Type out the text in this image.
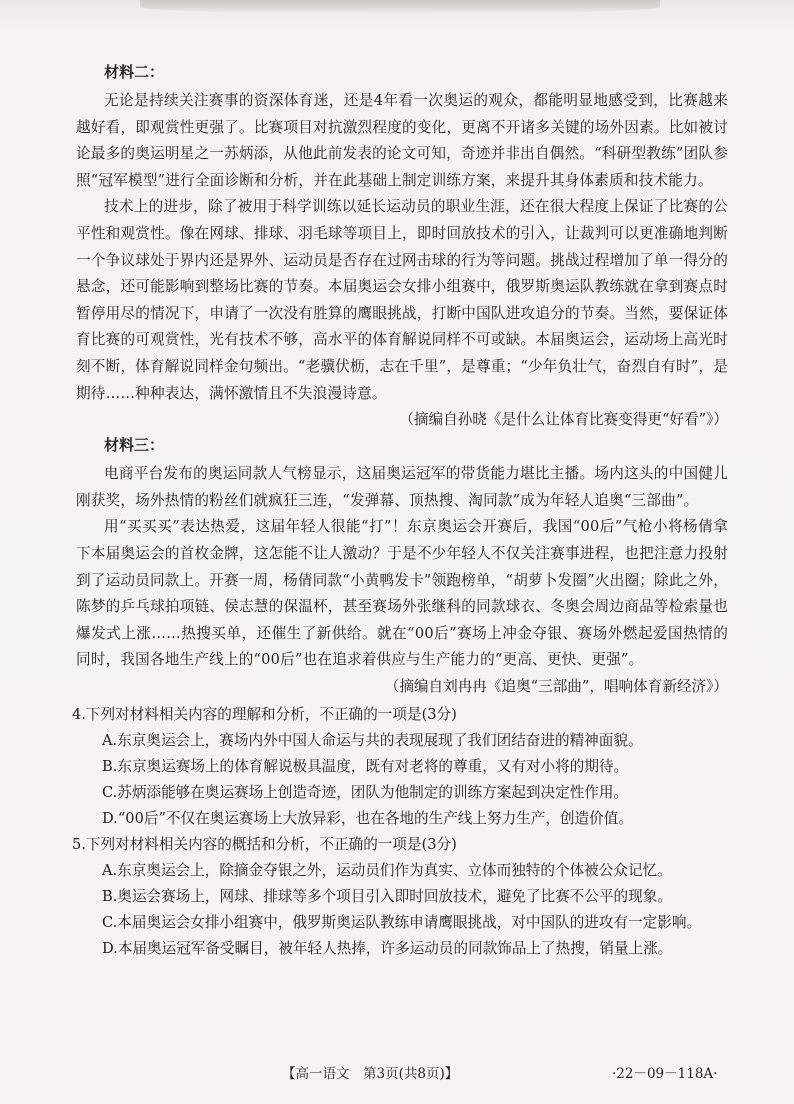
材料二：

无论是持续关注赛事的资深体育迷，还是4年看一次奥运的观众，都能明显地感受到，比赛越来越好看，即观赏性更强了。比赛项目对抗激烈程度的变化，更离不开诸多关键的场外因素。比如被讨论最多的奥运明星之一苏炳添，从他此前发表的论文可知，奇迹并非出自偶然。“科研型教练”团队参照“冠军模型”进行全面诊断和分析，并在此基础上制定训练方案，来提升其身体素质和技术能力。

技术上的进步，除了被用于科学训练以延长运动员的职业生涯，还在很大程度上保证了比赛的公平性和观赏性。像在网球、排球、羽毛球等项目上，即时回放技术的引入，让裁判可以更准确地判断一个争议球处于界内还是界外、运动员是否存在过网击球的行为等问题。挑战过程增加了单一得分的悬念，还可能影响到整场比赛的节奏。本届奥运会女排小组赛中，俄罗斯奥运队教练就在拿到赛点时暂停用尽的情况下，申请了一次没有胜算的鹰眼挑战，打断中国队进攻追分的节奏。当然，要保证体育比赛的可观赏性，光有技术不够，高水平的体育解说同样不可或缺。本届奥运会，运动场上高光时刻不断，体育解说同样金句频出。“老骥伏枥，志在千里”，是尊重；“少年负壮气，奋烈自有时”，是期待……种种表达，满怀激情且不失浪漫诗意。

（摘编自孙晓《是什么让体育比赛变得更“好看”》）
材料三：

电商平台发布的奥运同款人气榜显示，这届奥运冠军的带货能力堪比主播。场内这头的中国健儿刚获奖，场外热情的粉丝们就疯狂三连，“发弹幕、顶热搜、淘同款”成为年轻人追奥“三部曲”。

用“买买买”表达热爱，这届年轻人很能“打”！东京奥运会开赛后，我国“00后”气枪小将杨倩拿下本届奥运会的首枚金牌，这怎能不让人激动？于是不少年轻人不仅关注赛事进程，也把注意力投射到了运动员同款上。开赛一周，杨倩同款“小黄鸭发卡”领跑榜单，“胡萝卜发圈”火出圈；除此之外，陈梦的乒乓球拍项链、侯志慧的保温杯，甚至赛场外张继科的同款球衣、冬奥会周边商品等检索量也爆发式上涨……热搜买单，还催生了新供给。就在“00后”赛场上冲金夺银、赛场外燃起爱国热情的同时，我国各地生产线上的“00后”也在追求着供应与生产能力的“更高、更快、更强”。

（摘编自刘冉冉《追奥“三部曲”，唱响体育新经济》）
4.下列对材料相关内容的理解和分析，不正确的一项是(3分)
A.东京奥运会上，赛场内外中国人命运与共的表现展现了我们团结奋进的精神面貌。
B.东京奥运赛场上的体育解说极具温度，既有对老将的尊重，又有对小将的期待。
C.苏炳添能够在奥运赛场上创造奇迹，团队为他制定的训练方案起到决定性作用。
D.“00后”不仅在奥运赛场上大放异彩，也在各地的生产线上努力生产，创造价值。
5.下列对材料相关内容的概括和分析，不正确的一项是(3分)
A.东京奥运会上，除摘金夺银之外，运动员们作为真实、立体而独特的个体被公众记忆。
B.奥运会赛场上，网球、排球等多个项目引入即时回放技术，避免了比赛不公平的现象。
C.本届奥运会女排小组赛中，俄罗斯奥运队教练申请鹰眼挑战，对中国队的进攻有一定影响。
D.本届奥运冠军备受瞩目，被年轻人热捧，许多运动员的同款饰品上了热搜，销量上涨。
【高一语文　第3页(共8页)】	·22－09－118A·
